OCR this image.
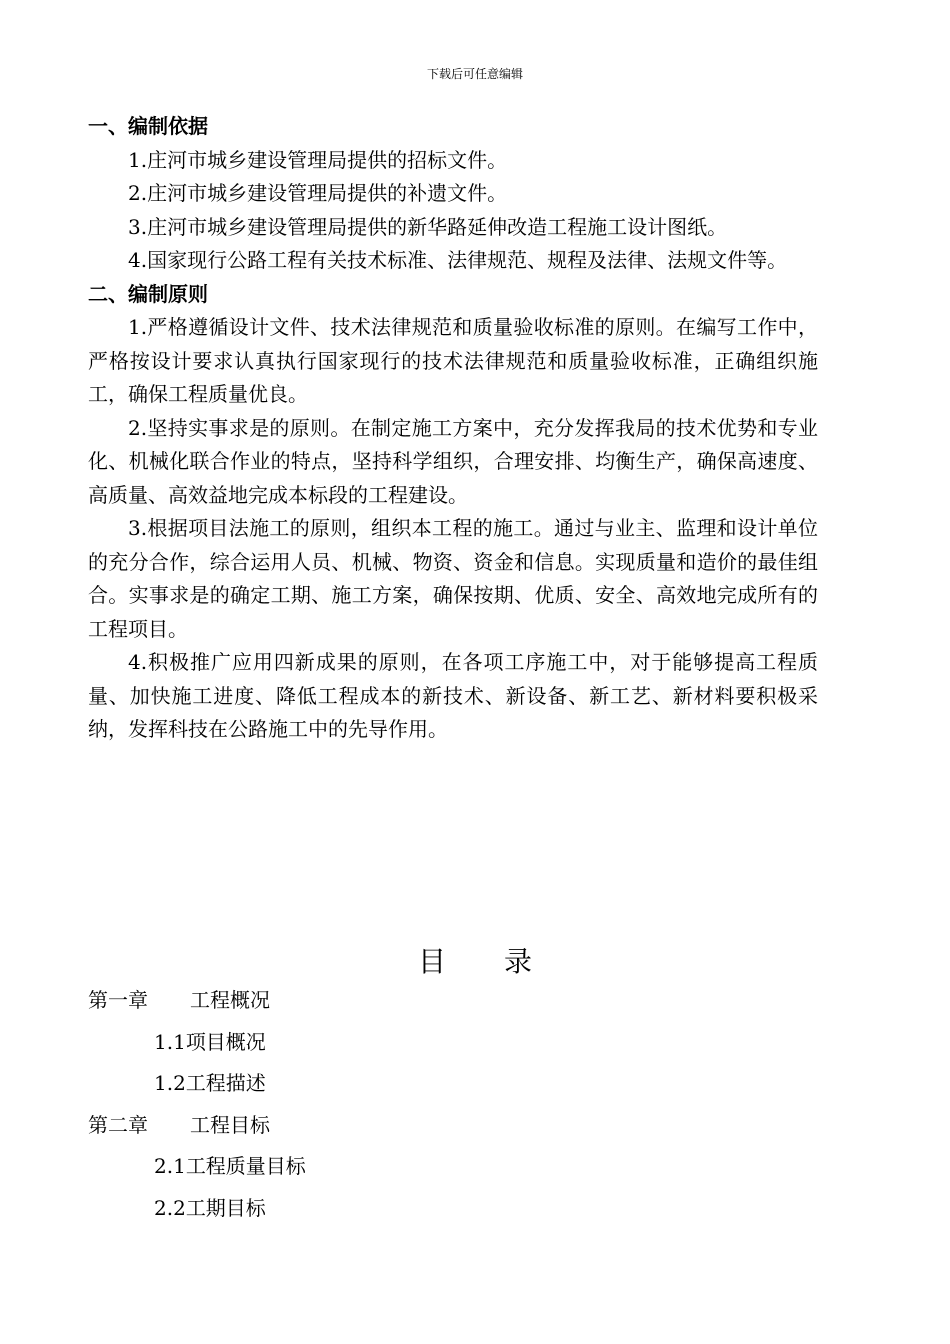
下载后可任意编辑

一、编制依据

1.庄河市城乡建设管理局提供的招标文件。

2.庄河市城乡建设管理局提供的补遗文件。

3.庄河市城乡建设管理局提供的新华路延伸改造工程施工设计图纸。

4.国家现行公路工程有关技术标准、法律规范、规程及法律、法规文件等。

二、编制原则

1.严格遵循设计文件、技术法律规范和质量验收标准的原则。在编写工作中，严格按设计要求认真执行国家现行的技术法律规范和质量验收标准，正确组织施工，确保工程质量优良。

2.坚持实事求是的原则。在制定施工方案中，充分发挥我局的技术优势和专业化、机械化联合作业的特点，坚持科学组织，合理安排、均衡生产，确保高速度、高质量、高效益地完成本标段的工程建设。

3.根据项目法施工的原则，组织本工程的施工。通过与业主、监理和设计单位的充分合作，综合运用人员、机械、物资、资金和信息。实现质量和造价的最佳组合。实事求是的确定工期、施工方案，确保按期、优质、安全、高效地完成所有的工程项目。

4.积极推广应用四新成果的原则，在各项工序施工中，对于能够提高工程质量、加快施工进度、降低工程成本的新技术、新设备、新工艺、新材料要积极采纳，发挥科技在公路施工中的先导作用。

目 录
第一章 工程概况
1.1项目概况
1.2工程描述
第二章 工程目标
2.1工程质量目标
2.2工期目标
